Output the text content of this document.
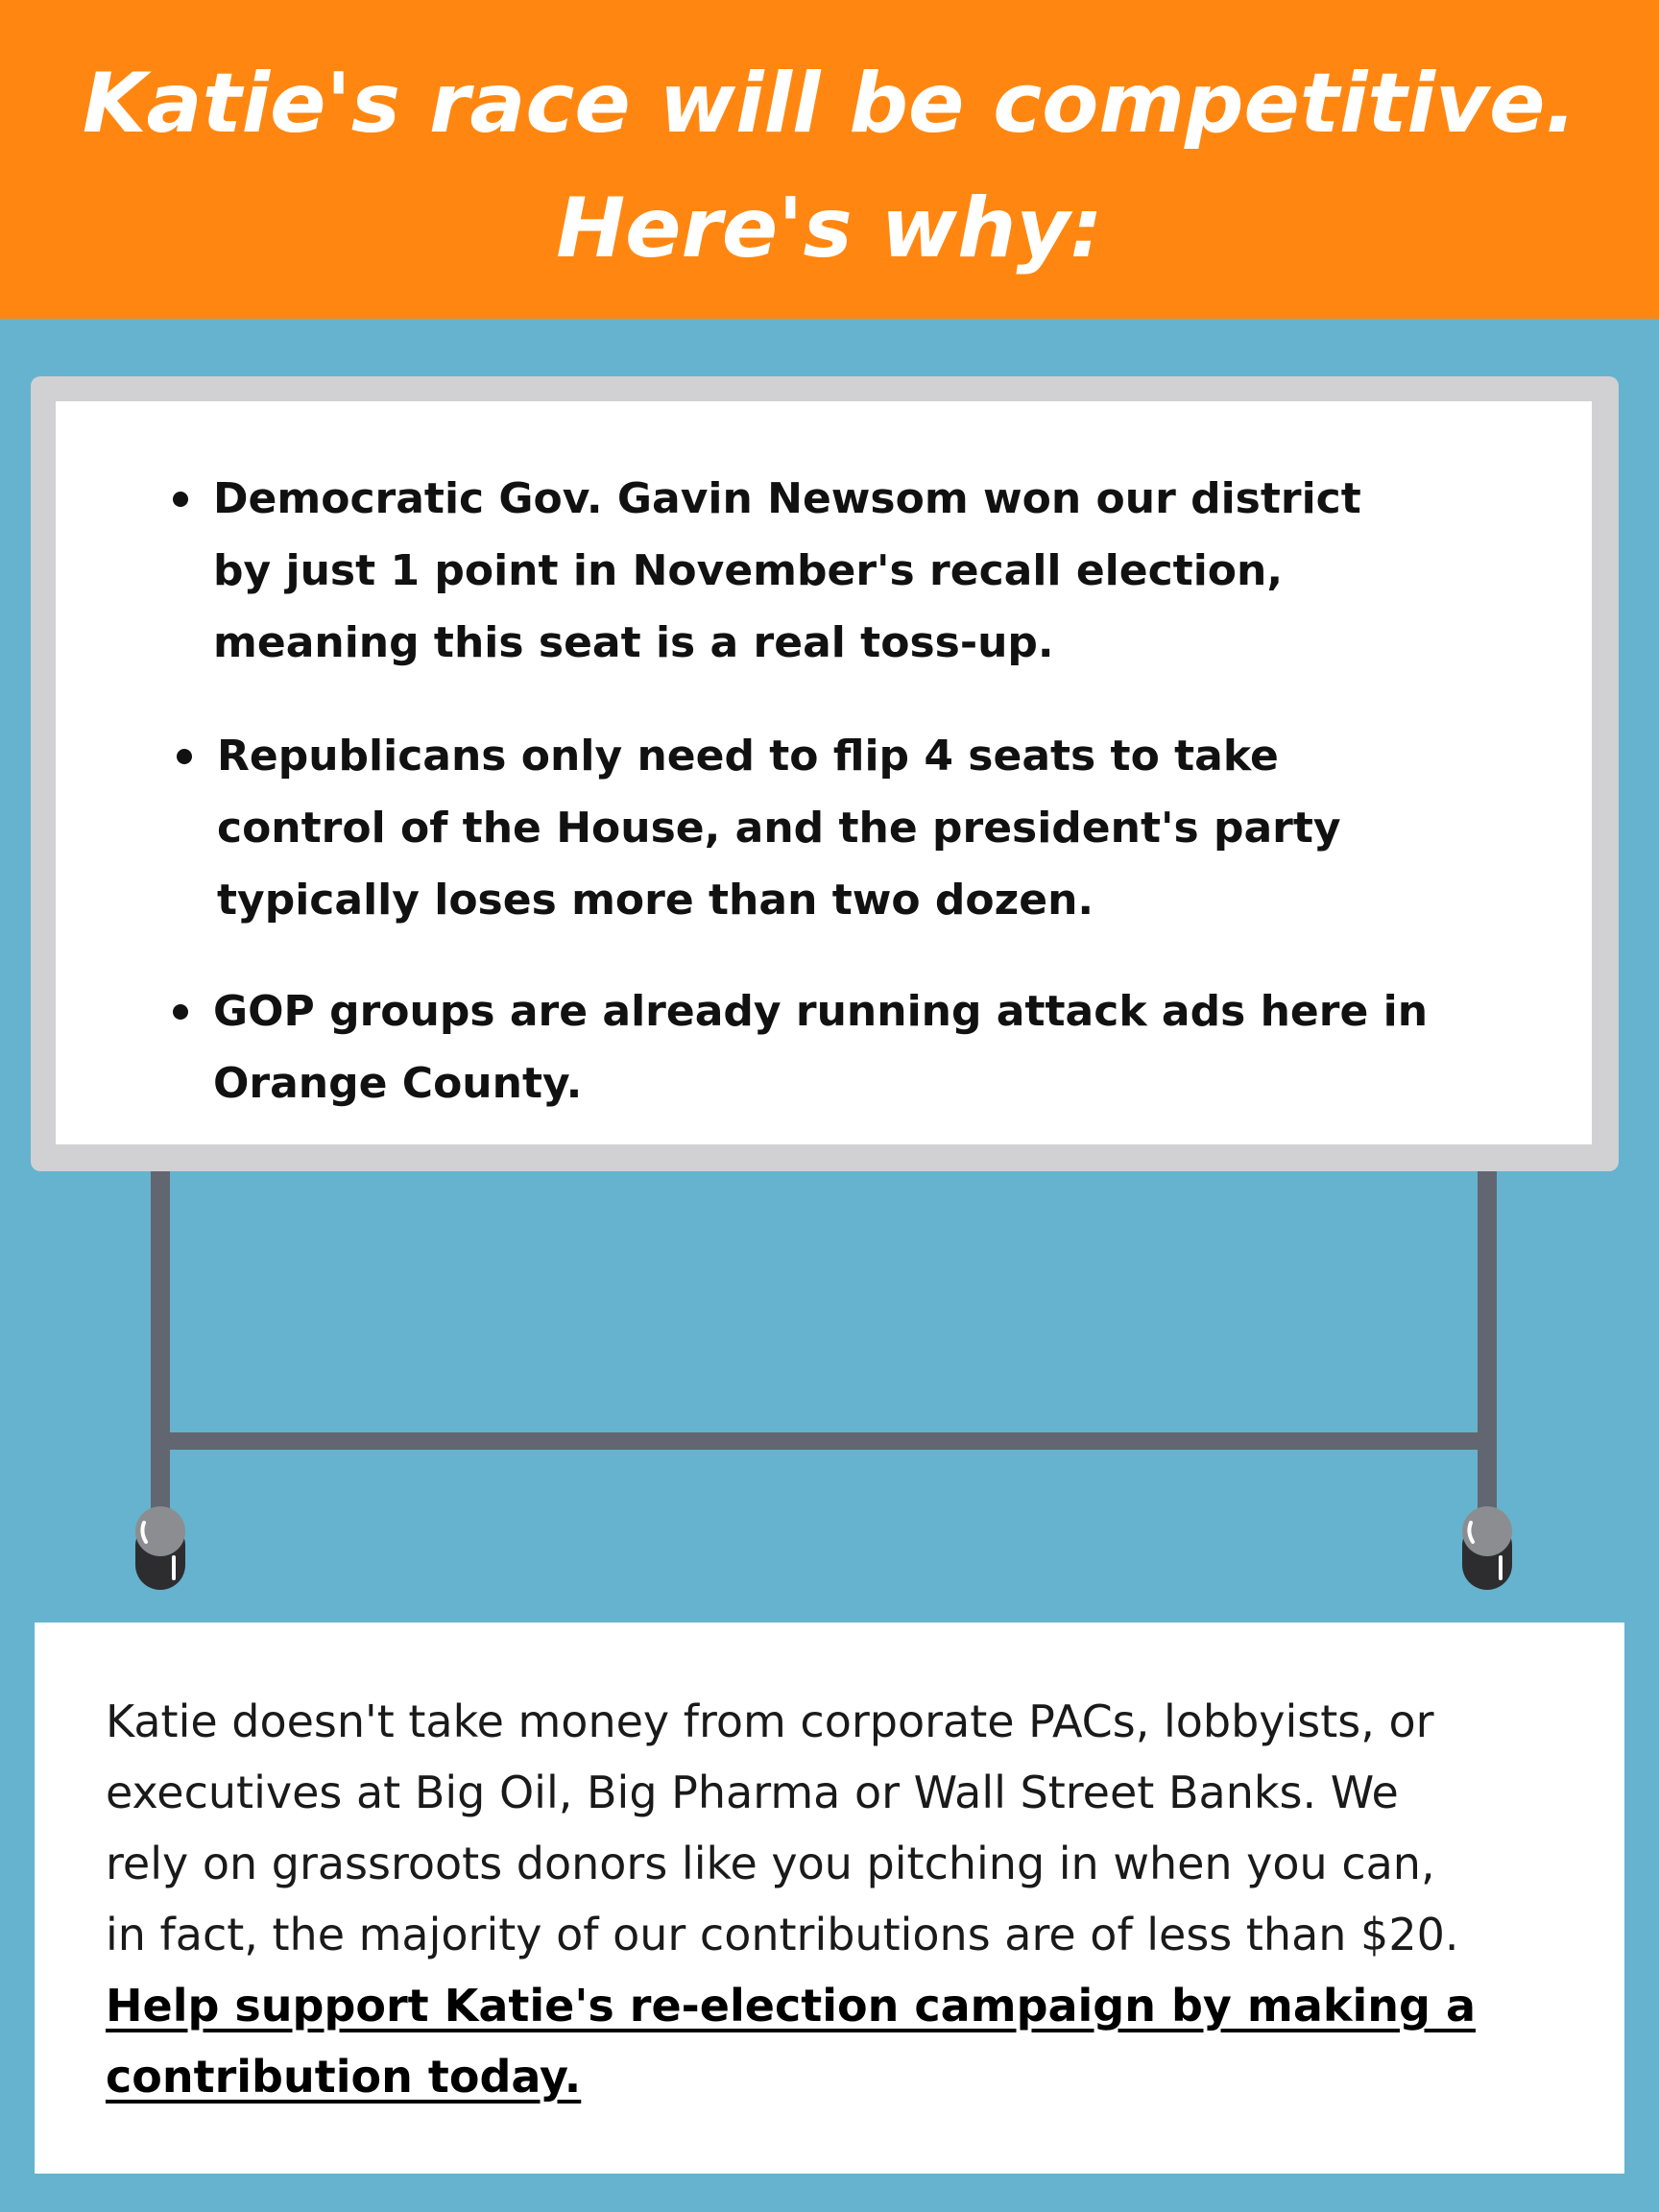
Katie's race will be competitive.
Here's why:
Democratic Gov. Gavin Newsom won our district
by just 1 point in November's recall election,
meaning this seat is a real toss-up.
Republicans only need to flip 4 seats to take
control of the House, and the president's party
typically loses more than two dozen.
GOP groups are already running attack ads here in
Orange County.
Katie doesn't take money from corporate PACs, lobbyists, or
executives at Big Oil, Big Pharma or Wall Street Banks. We
rely on grassroots donors like you pitching in when you can,
in fact, the majority of our contributions are of less than $20.
Help support Katie's re-election campaign by making a
contribution today.
